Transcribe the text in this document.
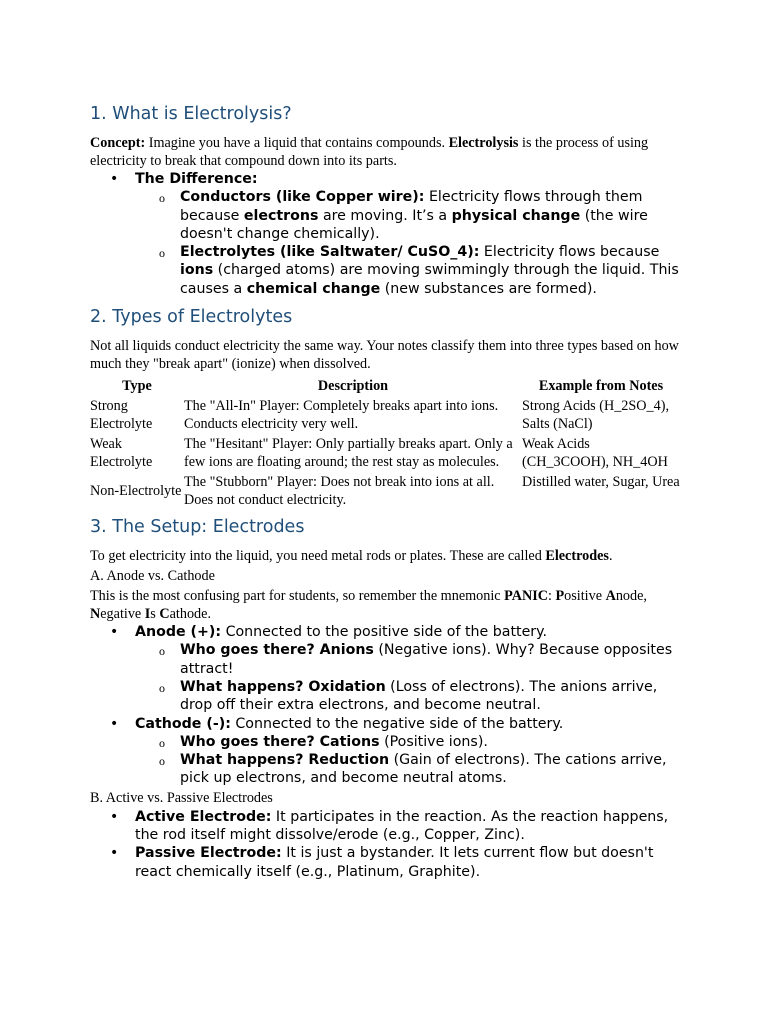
1. What is Electrolysis?

Concept: Imagine you have a liquid that contains compounds. Electrolysis is the process of using electricity to break that compound down into its parts.

• The Difference:
o Conductors (like Copper wire): Electricity flows through them because electrons are moving. It’s a physical change (the wire doesn't change chemically).
o Electrolytes (like Saltwater/ CuSO_4): Electricity flows because ions (charged atoms) are moving swimmingly through the liquid. This causes a chemical change (new substances are formed).
2. Types of Electrolytes

Not all liquids conduct electricity the same way. Your notes classify them into three types based on how much they "break apart" (ionize) when dissolved.

Type	Description	Example from Notes
Strong Electrolyte	The "All-In" Player: Completely breaks apart into ions. Conducts electricity very well.	Strong Acids (H_2SO_4), Salts (NaCl)
Weak Electrolyte	The "Hesitant" Player: Only partially breaks apart. Only a few ions are floating around; the rest stay as molecules.	Weak Acids (CH_3COOH), NH_4OH
Non-Electrolyte	The "Stubborn" Player: Does not break into ions at all. Does not conduct electricity.	Distilled water, Sugar, Urea
3. The Setup: Electrodes

To get electricity into the liquid, you need metal rods or plates. These are called Electrodes.

A. Anode vs. Cathode

This is the most confusing part for students, so remember the mnemonic PANIC: Positive Anode, Negative Is Cathode.

• Anode (+): Connected to the positive side of the battery.
o Who goes there? Anions (Negative ions). Why? Because opposites attract!
o What happens? Oxidation (Loss of electrons). The anions arrive, drop off their extra electrons, and become neutral.
• Cathode (-): Connected to the negative side of the battery.
o Who goes there? Cations (Positive ions).
o What happens? Reduction (Gain of electrons). The cations arrive, pick up electrons, and become neutral atoms.

B. Active vs. Passive Electrodes

• Active Electrode: It participates in the reaction. As the reaction happens, the rod itself might dissolve/erode (e.g., Copper, Zinc).
• Passive Electrode: It is just a bystander. It lets current flow but doesn't react chemically itself (e.g., Platinum, Graphite).
